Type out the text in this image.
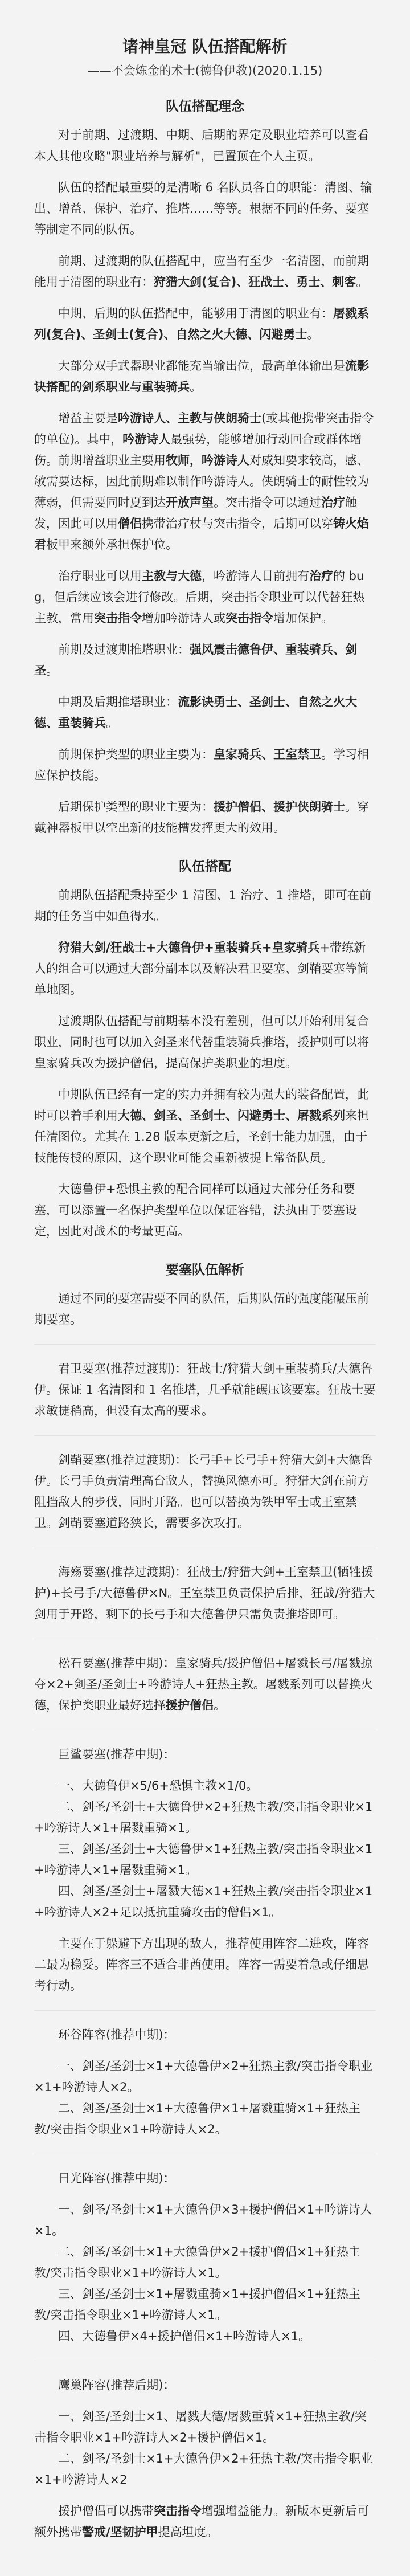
诸神皇冠 队伍搭配解析
——不会炼金的术士(德鲁伊教)(2020.1.15)
队伍搭配理念

对于前期、过渡期、中期、后期的界定及职业培养可以查看本人其他攻略"职业培养与解析"，已置顶在个人主页。

队伍的搭配最重要的是清晰 6 名队员各自的职能：清图、输出、增益、保护、治疗、推塔……等等。根据不同的任务、要塞等制定不同的队伍。

前期、过渡期的队伍搭配中，应当有至少一名清图，而前期能用于清图的职业有：狩猎大剑(复合)、狂战士、勇士、刺客。

中期、后期的队伍搭配中，能够用于清图的职业有：屠戮系列(复合)、圣剑士(复合)、自然之火大德、闪避勇士。

大部分双手武器职业都能充当输出位，最高单体输出是流影诀搭配的剑系职业与重装骑兵。

增益主要是吟游诗人、主教与侠朗骑士(或其他携带突击指令的单位)。其中，吟游诗人最强势，能够增加行动回合或群体增伤。前期增益职业主要用牧师，吟游诗人对威知要求较高，感、敏需要达标，因此前期难以制作吟游诗人。侠朗骑士的耐性较为薄弱，但需要同时夏到达开放声望。突击指令可以通过治疗触发，因此可以用僧侣携带治疗杖与突击指令，后期可以穿铸火焰君板甲来额外承担保护位。

治疗职业可以用主教与大德，吟游诗人目前拥有治疗的 bug，但后续应该会进行修改。后期，突击指令职业可以代替狂热主教，常用突击指令增加吟游诗人或突击指令增加保护。

前期及过渡期推塔职业：强风震击德鲁伊、重装骑兵、剑圣。

中期及后期推塔职业：流影诀勇士、圣剑士、自然之火大德、重装骑兵。

前期保护类型的职业主要为：皇家骑兵、王室禁卫。学习相应保护技能。

后期保护类型的职业主要为：援护僧侣、援护侠朗骑士。穿戴神器板甲以空出新的技能槽发挥更大的效用。

队伍搭配

前期队伍搭配秉持至少 1 清图、1 治疗、1 推塔，即可在前期的任务当中如鱼得水。

狩猎大剑/狂战士+大德鲁伊+重装骑兵+皇家骑兵+带练新人的组合可以通过大部分副本以及解决君卫要塞、剑鞘要塞等简单地图。

过渡期队伍搭配与前期基本没有差别，但可以开始利用复合职业，同时也可以加入剑圣来代替重装骑兵推塔，援护则可以将皇家骑兵改为援护僧侣，提高保护类职业的坦度。

中期队伍已经有一定的实力并拥有较为强大的装备配置，此时可以着手利用大德、剑圣、圣剑士、闪避勇士、屠戮系列来担任清图位。尤其在 1.28 版本更新之后，圣剑士能力加强，由于技能传授的原因，这个职业可能会重新被提上常备队员。

大德鲁伊+恐惧主教的配合同样可以通过大部分任务和要塞，可以添置一名保护类型单位以保证容错，法执由于要塞设定，因此对战术的考量更高。

要塞队伍解析

通过不同的要塞需要不同的队伍，后期队伍的强度能碾压前期要塞。

君卫要塞(推荐过渡期)：狂战士/狩猎大剑+重装骑兵/大德鲁伊。保证 1 名清图和 1 名推塔，几乎就能碾压该要塞。狂战士要求敏捷稍高，但没有太高的要求。

剑鞘要塞(推荐过渡期)：长弓手+长弓手+狩猎大剑+大德鲁伊。长弓手负责清理高台敌人，替换风德亦可。狩猎大剑在前方阻挡敌人的步伐，同时开路。也可以替换为铁甲军士或王室禁卫。剑鞘要塞道路狭长，需要多次攻打。

海殇要塞(推荐过渡期)：狂战士/狩猎大剑+王室禁卫(牺牲援护)+长弓手/大德鲁伊×N。王室禁卫负责保护后排，狂战/狩猎大剑用于开路，剩下的长弓手和大德鲁伊只需负责推塔即可。

松石要塞(推荐中期)：皇家骑兵/援护僧侣+屠戮长弓/屠戮掠夺×2+剑圣/圣剑士+吟游诗人+狂热主教。屠戮系列可以替换火德，保护类职业最好选择援护僧侣。

巨鲨要塞(推荐中期)：

一、大德鲁伊×5/6+恐惧主教×1/0。
二、剑圣/圣剑士+大德鲁伊×2+狂热主教/突击指令职业×1+吟游诗人×1+屠戮重骑×1。
三、剑圣/圣剑士+大德鲁伊×1+狂热主教/突击指令职业×1+吟游诗人×1+屠戮重骑×1。
四、剑圣/圣剑士+屠戮大德×1+狂热主教/突击指令职业×1+吟游诗人×2+足以抵抗重骑攻击的僧侣×1。

主要在于躲避下方出现的敌人，推荐使用阵容二进攻，阵容二最为稳妥。阵容三不适合非酋使用。阵容一需要着急或仔细思考行动。

环谷阵容(推荐中期)：

一、剑圣/圣剑士×1+大德鲁伊×2+狂热主教/突击指令职业×1+吟游诗人×2。
二、剑圣/圣剑士×1+大德鲁伊×1+屠戮重骑×1+狂热主教/突击指令职业×1+吟游诗人×2。

日光阵容(推荐中期)：

一、剑圣/圣剑士×1+大德鲁伊×3+援护僧侣×1+吟游诗人×1。
二、剑圣/圣剑士×1+大德鲁伊×2+援护僧侣×1+狂热主教/突击指令职业×1+吟游诗人×1。
三、剑圣/圣剑士×1+屠戮重骑×1+援护僧侣×1+狂热主教/突击指令职业×1+吟游诗人×1。
四、大德鲁伊×4+援护僧侣×1+吟游诗人×1。

鹰巢阵容(推荐后期)：

一、剑圣/圣剑士×1、屠戮大德/屠戮重骑×1+狂热主教/突击指令职业×1+吟游诗人×2+援护僧侣×1。
二、剑圣/圣剑士×1+大德鲁伊×2+狂热主教/突击指令职业×1+吟游诗人×2

援护僧侣可以携带突击指令增强增益能力。新版本更新后可额外携带警戒/坚韧护甲提高坦度。
